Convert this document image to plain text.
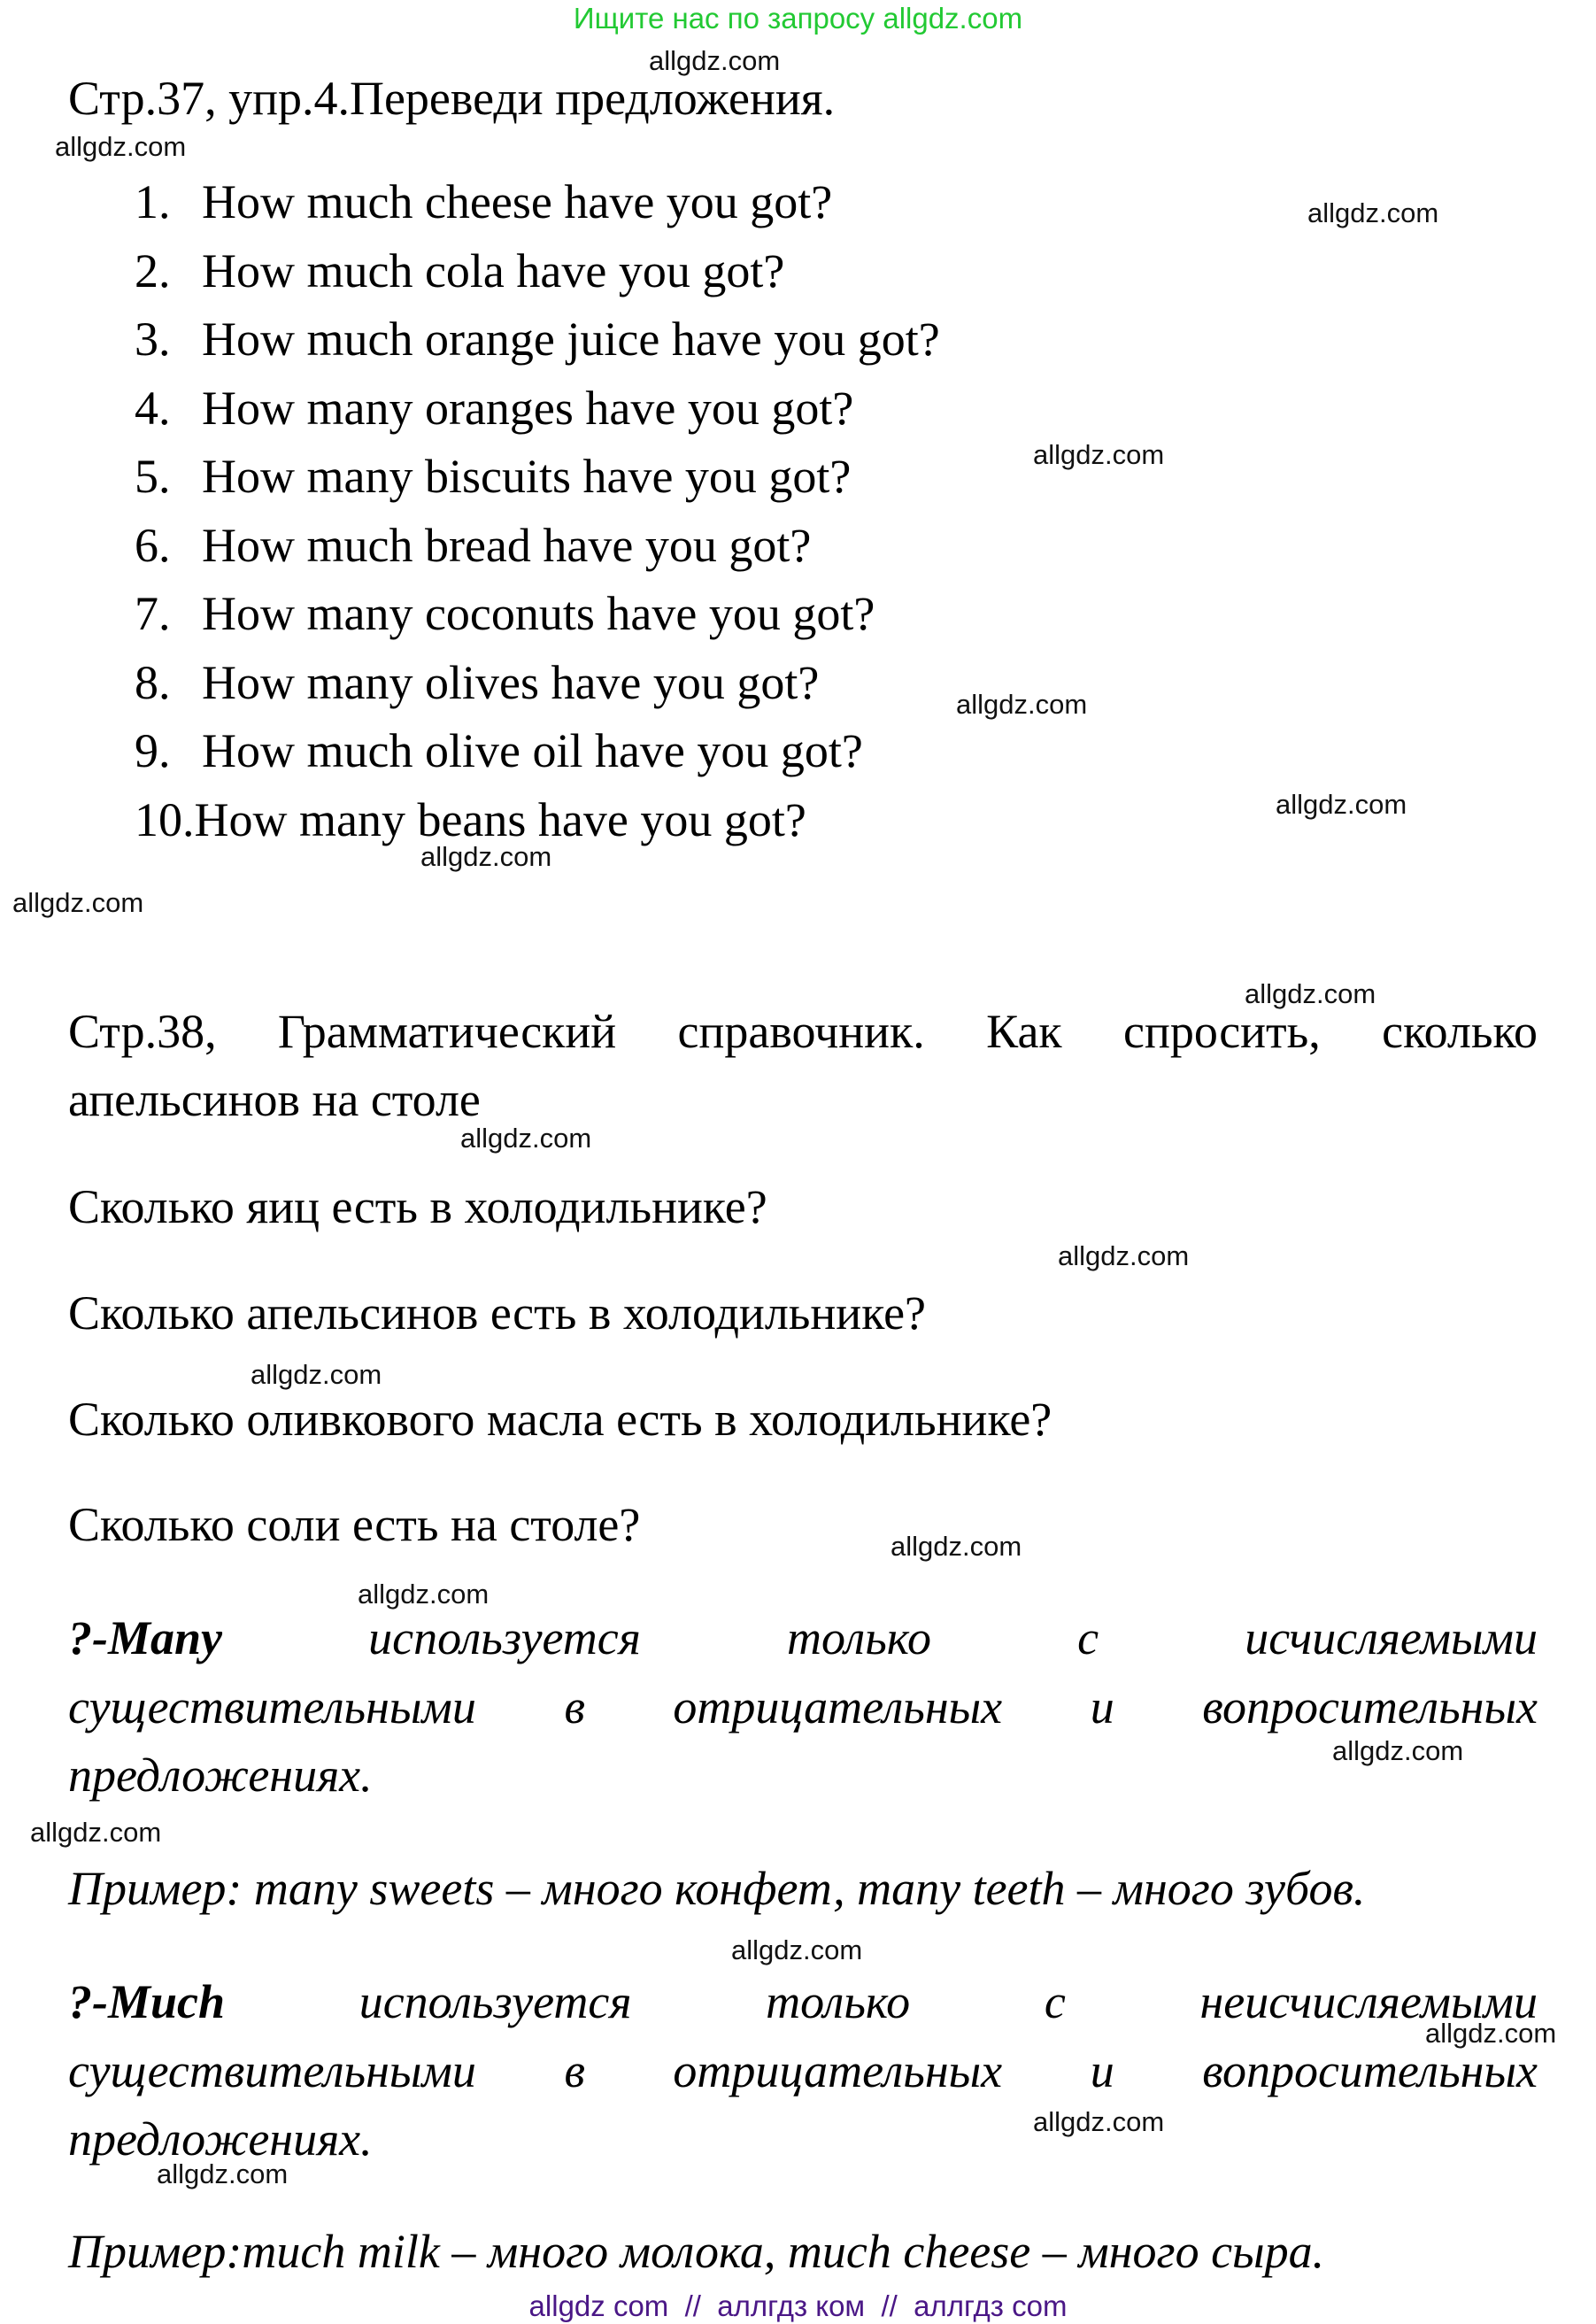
Ищите нас по запросу allgdz.com
Стр.37, упр.4.Переведи предложения.
1. How much cheese have you got?
2. How much cola have you got?
3. How much orange juice have you got?
4. How many oranges have you got?
5. How many biscuits have you got?
6. How much bread have you got?
7. How many coconuts have you got?
8. How many olives have you got?
9. How much olive oil have you got?
10.How many beans have you got?
Стр.38, Грамматический справочник. Как спросить, сколько
апельсинов на столе
Сколько яиц есть в холодильнике?
Сколько апельсинов есть в холодильнике?
Сколько оливкового масла есть в холодильнике?
Сколько соли есть на столе?
?-Many	используется	только	с	исчисляемыми
существительными в отрицательных и вопросительных
предложениях.
Пример: many sweets – много конфет, many teeth – много зубов.
?-Much	используется	только	с	неисчисляемыми
существительными в отрицательных и вопросительных
предложениях.
Пример:much milk – много молока, much cheese – много сыра.
allgdz.com
allgdz.com
allgdz.com
allgdz.com
allgdz.com
allgdz.com
allgdz.com
allgdz.com
allgdz.com
allgdz.com
allgdz.com
allgdz.com
allgdz.com
allgdz.com
allgdz.com
allgdz.com
allgdz.com
allgdz.com
allgdz.com
allgdz.com
allgdz com  //  аллгдз ком  //  аллгдз com
